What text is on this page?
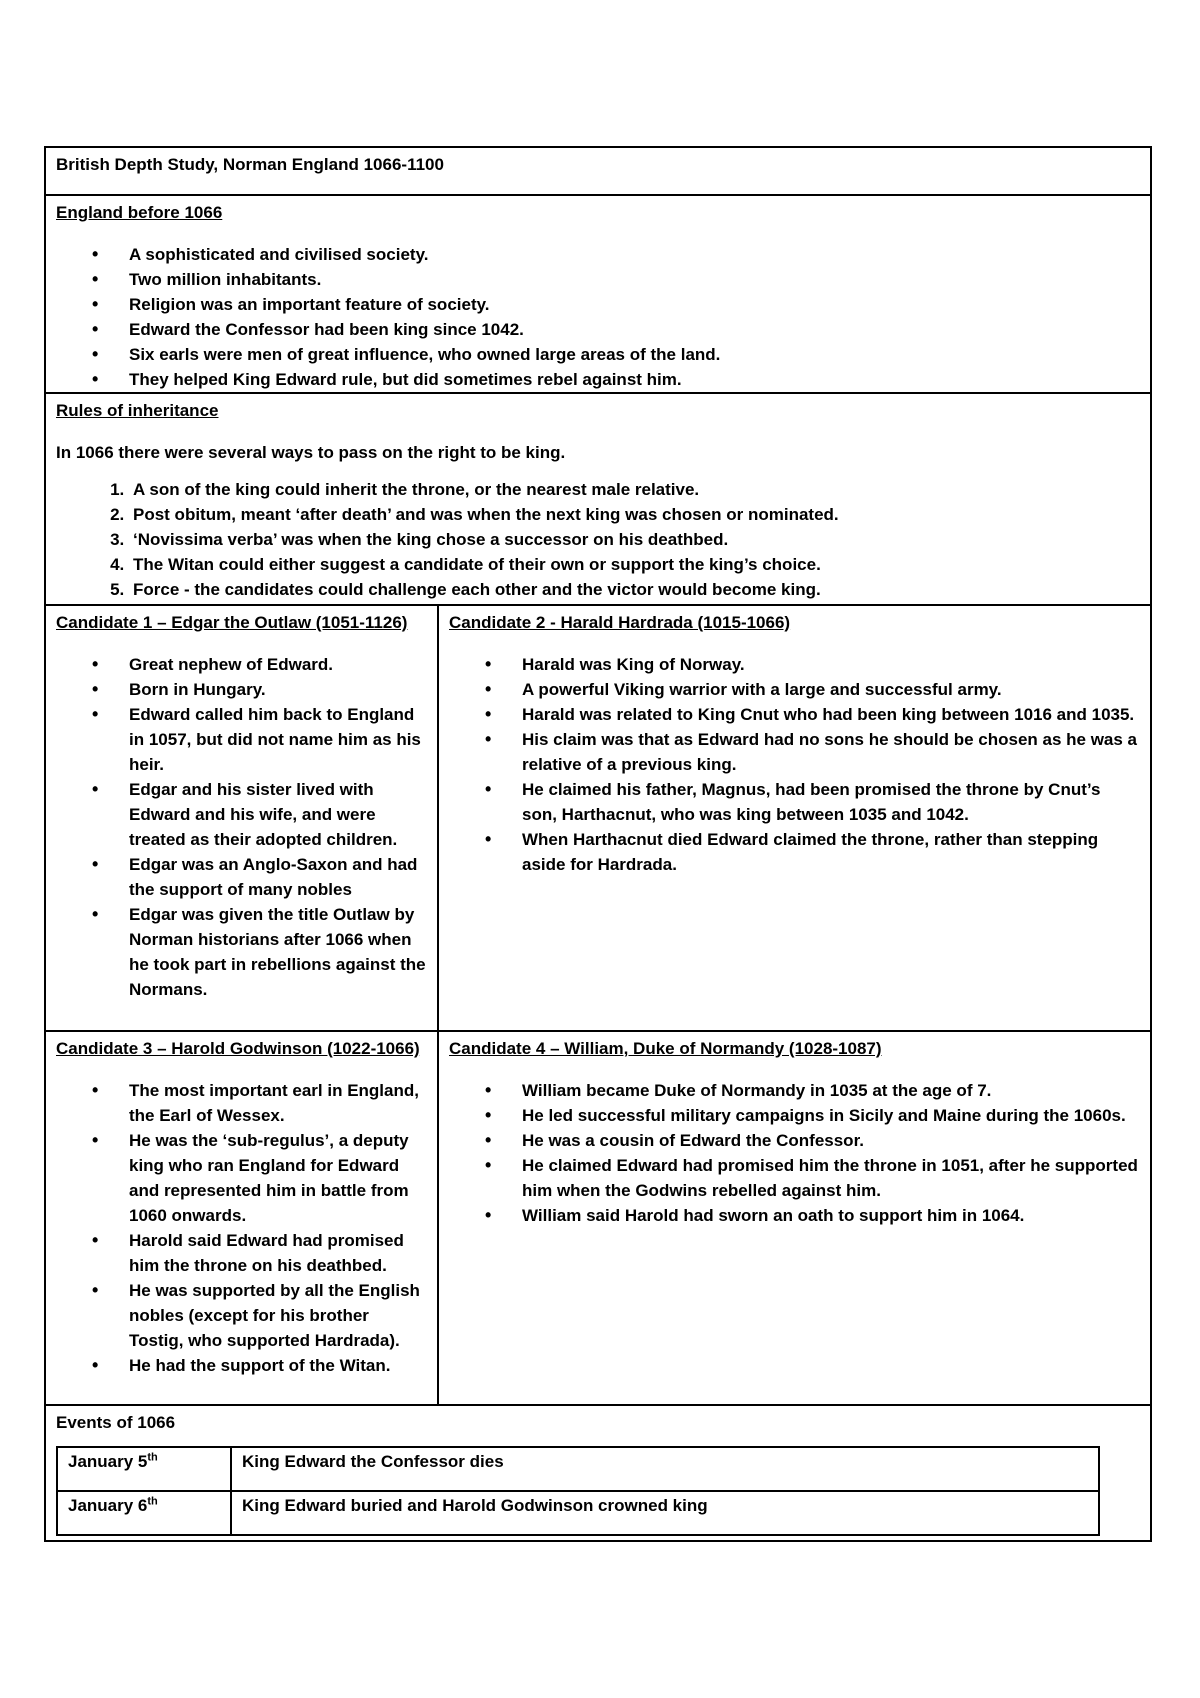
British Depth Study, Norman England 1066-1100
England before 1066
• A sophisticated and civilised society.
• Two million inhabitants.
• Religion was an important feature of society.
• Edward the Confessor had been king since 1042.
• Six earls were men of great influence, who owned large areas of the land.
• They helped King Edward rule, but did sometimes rebel against him.
Rules of inheritance
In 1066 there were several ways to pass on the right to be king.
1. A son of the king could inherit the throne, or the nearest male relative.
2. Post obitum, meant ‘after death’ and was when the next king was chosen or nominated.
3. ‘Novissima verba’ was when the king chose a successor on his deathbed.
4. The Witan could either suggest a candidate of their own or support the king’s choice.
5. Force - the candidates could challenge each other and the victor would become king.
Candidate 1 – Edgar the Outlaw (1051-1126)
• Great nephew of Edward.
• Born in Hungary.
• Edward called him back to England in 1057, but did not name him as his heir.
• Edgar and his sister lived with Edward and his wife, and were treated as their adopted children.
• Edgar was an Anglo-Saxon and had the support of many nobles
• Edgar was given the title Outlaw by Norman historians after 1066 when he took part in rebellions against the Normans.
Candidate 2 - Harald Hardrada (1015-1066)
• Harald was King of Norway.
• A powerful Viking warrior with a large and successful army.
• Harald was related to King Cnut who had been king between 1016 and 1035.
• His claim was that as Edward had no sons he should be chosen as he was a relative of a previous king.
• He claimed his father, Magnus, had been promised the throne by Cnut’s son, Harthacnut, who was king between 1035 and 1042.
• When Harthacnut died Edward claimed the throne, rather than stepping aside for Hardrada.
Candidate 3 – Harold Godwinson (1022-1066)
• The most important earl in England, the Earl of Wessex.
• He was the ‘sub-regulus’, a deputy king who ran England for Edward and represented him in battle from 1060 onwards.
• Harold said Edward had promised him the throne on his deathbed.
• He was supported by all the English nobles (except for his brother Tostig, who supported Hardrada).
• He had the support of the Witan.
Candidate 4 – William, Duke of Normandy (1028-1087)
• William became Duke of Normandy in 1035 at the age of 7.
• He led successful military campaigns in Sicily and Maine during the 1060s.
• He was a cousin of Edward the Confessor.
• He claimed Edward had promised him the throne in 1051, after he supported him when the Godwins rebelled against him.
• William said Harold had sworn an oath to support him in 1064.
Events of 1066
January 5th	King Edward the Confessor dies
January 6th	King Edward buried and Harold Godwinson crowned king
